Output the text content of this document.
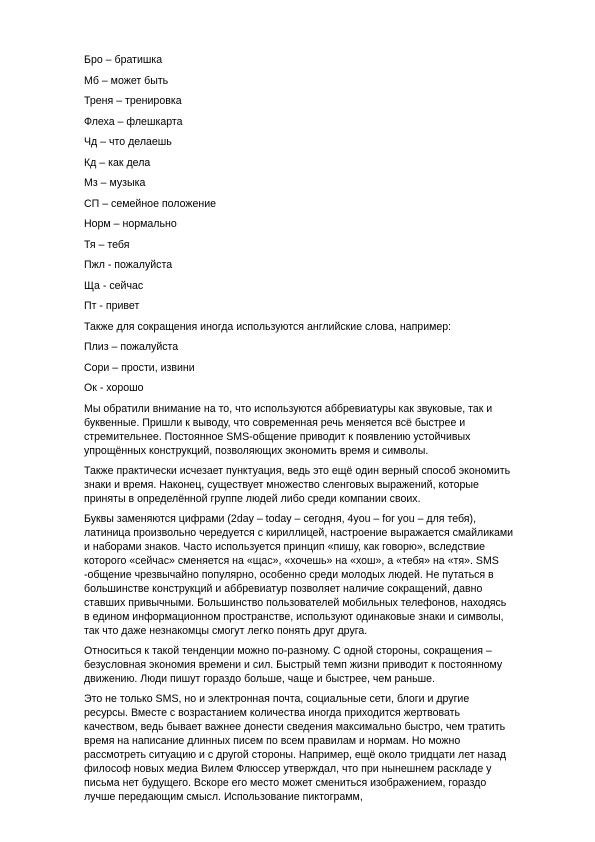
Бро – братишка

Мб – может быть

Треня – тренировка

Флеха – флешкарта

Чд – что делаешь

Кд – как дела

Мз – музыка

СП – семейное положение

Норм – нормально

Тя – тебя

Пжл - пожалуйста

Ща - сейчас

Пт - привет

Также для сокращения иногда используются английские слова, например:

Плиз – пожалуйста

Сори – прости, извини

Ок - хорошо

Мы обратили внимание на то, что используются аббревиатуры как звуковые, так и буквенные. Пришли к выводу, что современная речь меняется всё быстрее и стремительнее. Постоянное SMS-общение приводит к появлению устойчивых упрощённых конструкций, позволяющих экономить время и символы.

Также практически исчезает пунктуация, ведь это ещё один верный способ экономить знаки и время. Наконец, существует множество сленговых выражений, которые приняты в определённой группе людей либо среди компании своих.

Буквы заменяются цифрами (2day – today – сегодня, 4you – for you – для тебя), латиница произвольно чередуется с кириллицей, настроение выражается смайликами и наборами знаков. Часто используется принцип «пишу, как говорю», вследствие которого «сейчас» сменяется на «щас», «хочешь» на «хош», а «тебя» на «тя». SMS -общение чрезвычайно популярно, особенно среди молодых людей. Не путаться в большинстве конструкций и аббревиатур позволяет наличие сокращений, давно ставших привычными. Большинство пользователей мобильных телефонов, находясь в едином информационном пространстве, используют одинаковые знаки и символы, так что даже незнакомцы смогут легко понять друг друга.

Относиться к такой тенденции можно по-разному. С одной стороны, сокращения – безусловная экономия времени и сил. Быстрый темп жизни приводит к постоянному движению. Люди пишут гораздо больше, чаще и быстрее, чем раньше.

Это не только SMS, но и электронная почта, социальные сети, блоги и другие ресурсы. Вместе с возрастанием количества иногда приходится жертвовать качеством, ведь бывает важнее донести сведения максимально быстро, чем тратить время на написание длинных писем по всем правилам и нормам. Но можно рассмотреть ситуацию и с другой стороны. Например, ещё около тридцати лет назад философ новых медиа Вилем Флюссер утверждал, что при нынешнем раскладе у письма нет будущего. Вскоре его место может смениться изображением, гораздо лучше передающим смысл. Использование пиктограмм,
